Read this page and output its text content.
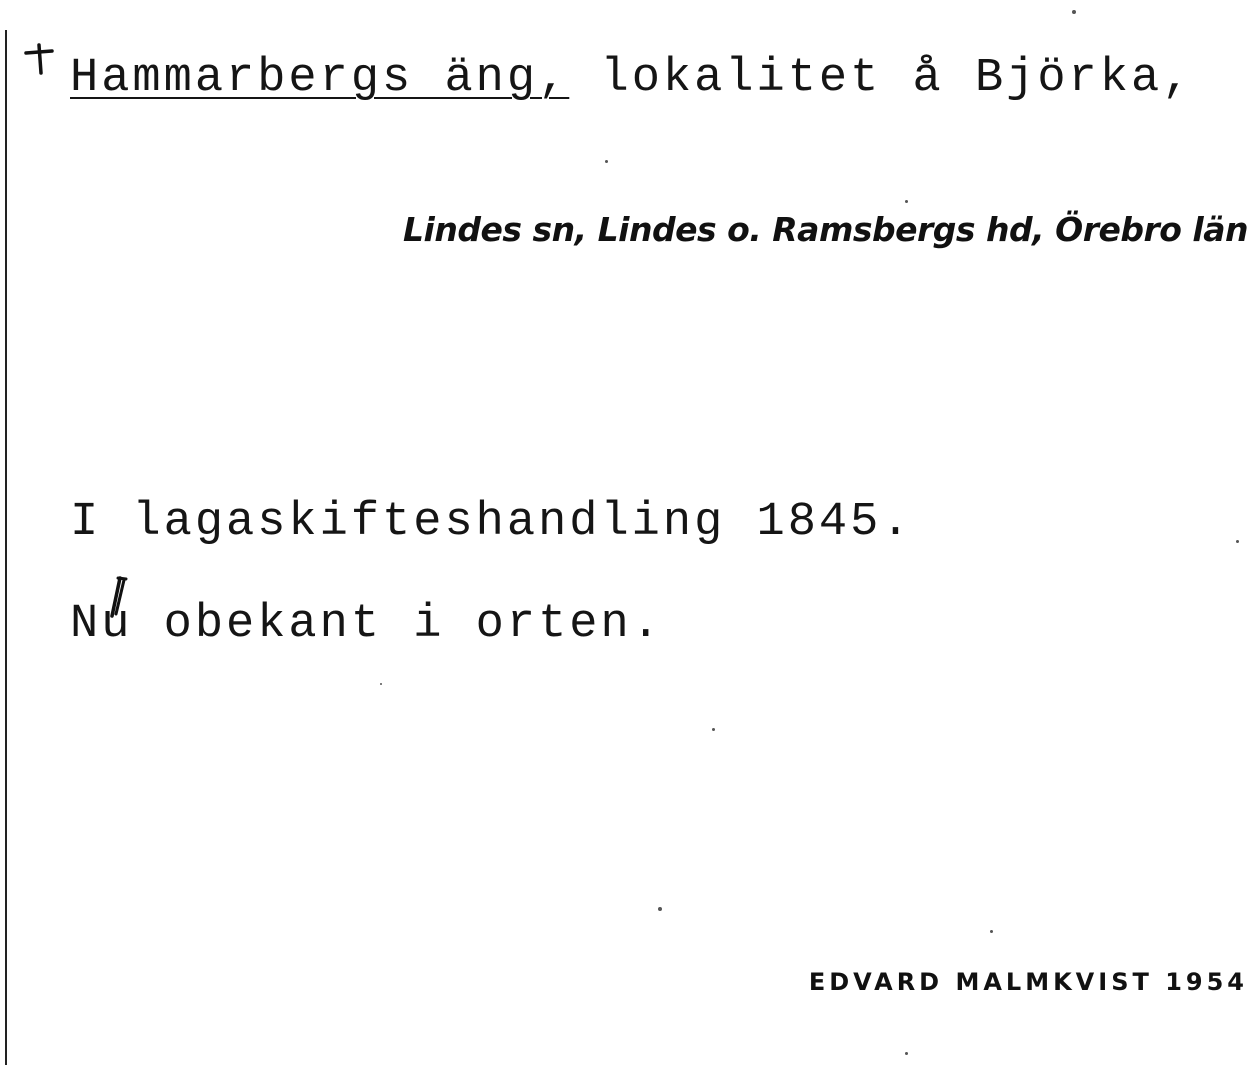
Hammarbergs äng, lokalitet å Björka,
Lindes sn, Lindes o. Ramsbergs hd, Örebro län
I lagaskifteshandling 1845.
Nu obekant i orten.
EDVARD MALMKVIST 1954
